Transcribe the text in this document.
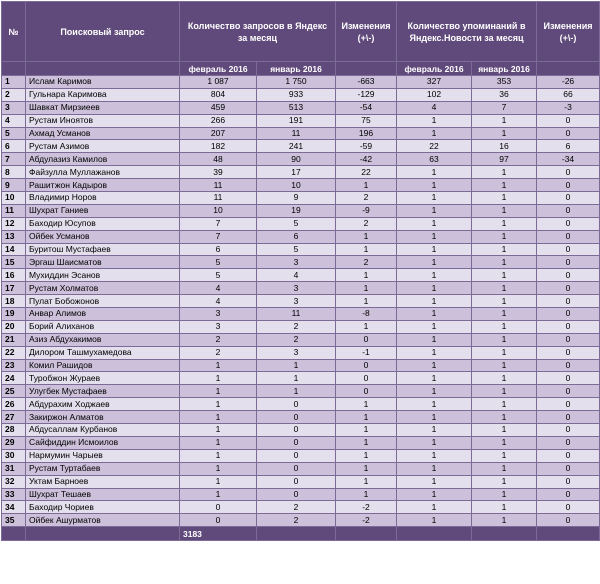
№	Поисковый запрос	Количество запросов в Яндекс за месяц		Изменения (+\-)	Количество упоминаний в Яндекс.Новости за месяц		Изменения (+\-)
		февраль 2016	январь 2016		февраль 2016	январь 2016	
1	Ислам Каримов	1 087	1 750	-663	327	353	-26
2	Гульнара Каримова	804	933	-129	102	36	66
3	Шавкат Мирзиеев	459	513	-54	4	7	-3
4	Рустам Иноятов	266	191	75	1	1	0
5	Ахмад Усманов	207	11	196	1	1	0
6	Рустам Азимов	182	241	-59	22	16	6
7	Абдулазиз Камилов	48	90	-42	63	97	-34
8	Файзулла Муллажанов	39	17	22	1	1	0
9	Рашитжон Кадыров	11	10	1	1	1	0
10	Владимир Норов	11	9	2	1	1	0
11	Шухрат Ганиев	10	19	-9	1	1	0
12	Баходир Юсупов	7	5	2	1	1	0
13	Ойбек Усманов	7	6	1	1	1	0
14	Буритош Мустафаев	6	5	1	1	1	0
15	Эргаш Шаисматов	5	3	2	1	1	0
16	Мухиддин Эсанов	5	4	1	1	1	0
17	Рустам Холматов	4	3	1	1	1	0
18	Пулат Бобожонов	4	3	1	1	1	0
19	Анвар Алимов	3	11	-8	1	1	0
20	Борий Алиханов	3	2	1	1	1	0
21	Азиз Абдухакимов	2	2	0	1	1	0
22	Дилором Ташмухамедова	2	3	-1	1	1	0
23	Комил Рашидов	1	1	0	1	1	0
24	Туробжон Жураев	1	1	0	1	1	0
25	Улугбек Мустафаев	1	1	0	1	1	0
26	Абдурахим Ходжаев	1	0	1	1	1	0
27	Закиржон Алматов	1	0	1	1	1	0
28	Абдусаллам Курбанов	1	0	1	1	1	0
29	Сайфиддин Исмоилов	1	0	1	1	1	0
30	Нармумин Чарыев	1	0	1	1	1	0
31	Рустам Туртабаев	1	0	1	1	1	0
32	Уктам Барноев	1	0	1	1	1	0
33	Шухрат Тешаев	1	0	1	1	1	0
34	Баходир Чориев	0	2	-2	1	1	0
35	Ойбек Ашурматов	0	2	-2	1	1	0
		3183					
